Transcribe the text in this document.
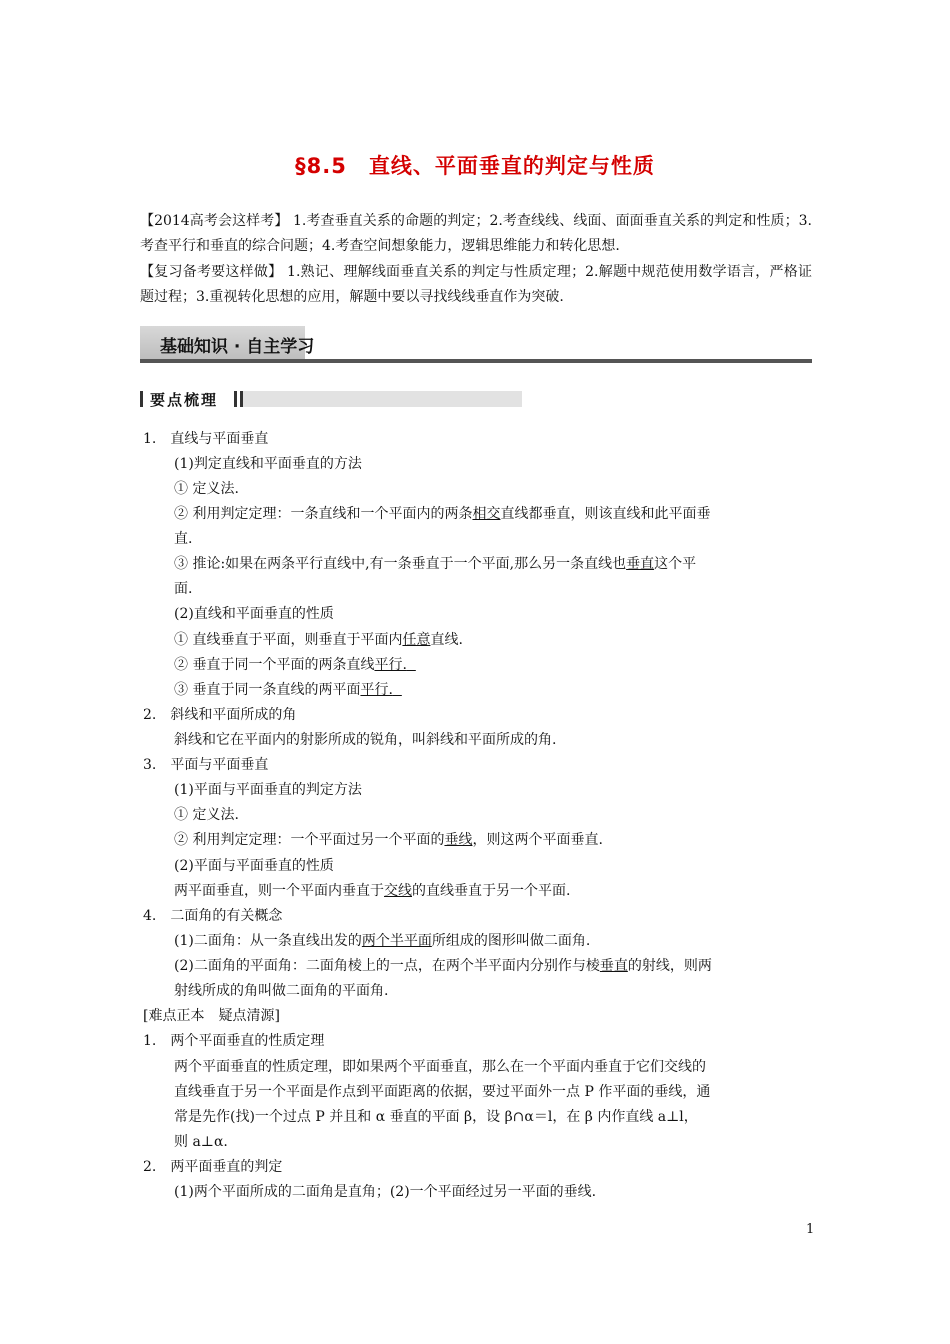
§8.5　直线、平面垂直的判定与性质
【2014高考会这样考】 1.考查垂直关系的命题的判定；2.考查线线、线面、面面垂直关系的判定和性质；3.考查平行和垂直的综合问题；4.考查空间想象能力，逻辑思维能力和转化思想.
【复习备考要这样做】 1.熟记、理解线面垂直关系的判定与性质定理；2.解题中规范使用数学语言，严格证题过程；3.重视转化思想的应用，解题中要以寻找线线垂直作为突破.
基础知识 · 自主学习
要点梳理
1.　直线与平面垂直
(1)判定直线和平面垂直的方法
① 定义法.
② 利用判定定理：一条直线和一个平面内的两条相交直线都垂直，则该直线和此平面垂
直.
③ 推论:如果在两条平行直线中,有一条垂直于一个平面,那么另一条直线也垂直这个平
面.
(2)直线和平面垂直的性质
① 直线垂直于平面，则垂直于平面内任意直线.
② 垂直于同一个平面的两条直线平行.
③ 垂直于同一条直线的两平面平行.
2.　斜线和平面所成的角
斜线和它在平面内的射影所成的锐角，叫斜线和平面所成的角.
3.　平面与平面垂直
(1)平面与平面垂直的判定方法
① 定义法.
② 利用判定定理：一个平面过另一个平面的垂线，则这两个平面垂直.
(2)平面与平面垂直的性质
两平面垂直，则一个平面内垂直于交线的直线垂直于另一个平面.
4.　二面角的有关概念
(1)二面角：从一条直线出发的两个半平面所组成的图形叫做二面角.
(2)二面角的平面角：二面角棱上的一点，在两个半平面内分别作与棱垂直的射线，则两
射线所成的角叫做二面角的平面角.
[难点正本　疑点清源]
1.　两个平面垂直的性质定理
两个平面垂直的性质定理，即如果两个平面垂直，那么在一个平面内垂直于它们交线的
直线垂直于另一个平面是作点到平面距离的依据，要过平面外一点 P 作平面的垂线，通
常是先作(找)一个过点 P 并且和 α 垂直的平面 β，设 β∩α＝l，在 β 内作直线 a⊥l，
则 a⊥α.
2.　两平面垂直的判定
(1)两个平面所成的二面角是直角；(2)一个平面经过另一平面的垂线.
1
